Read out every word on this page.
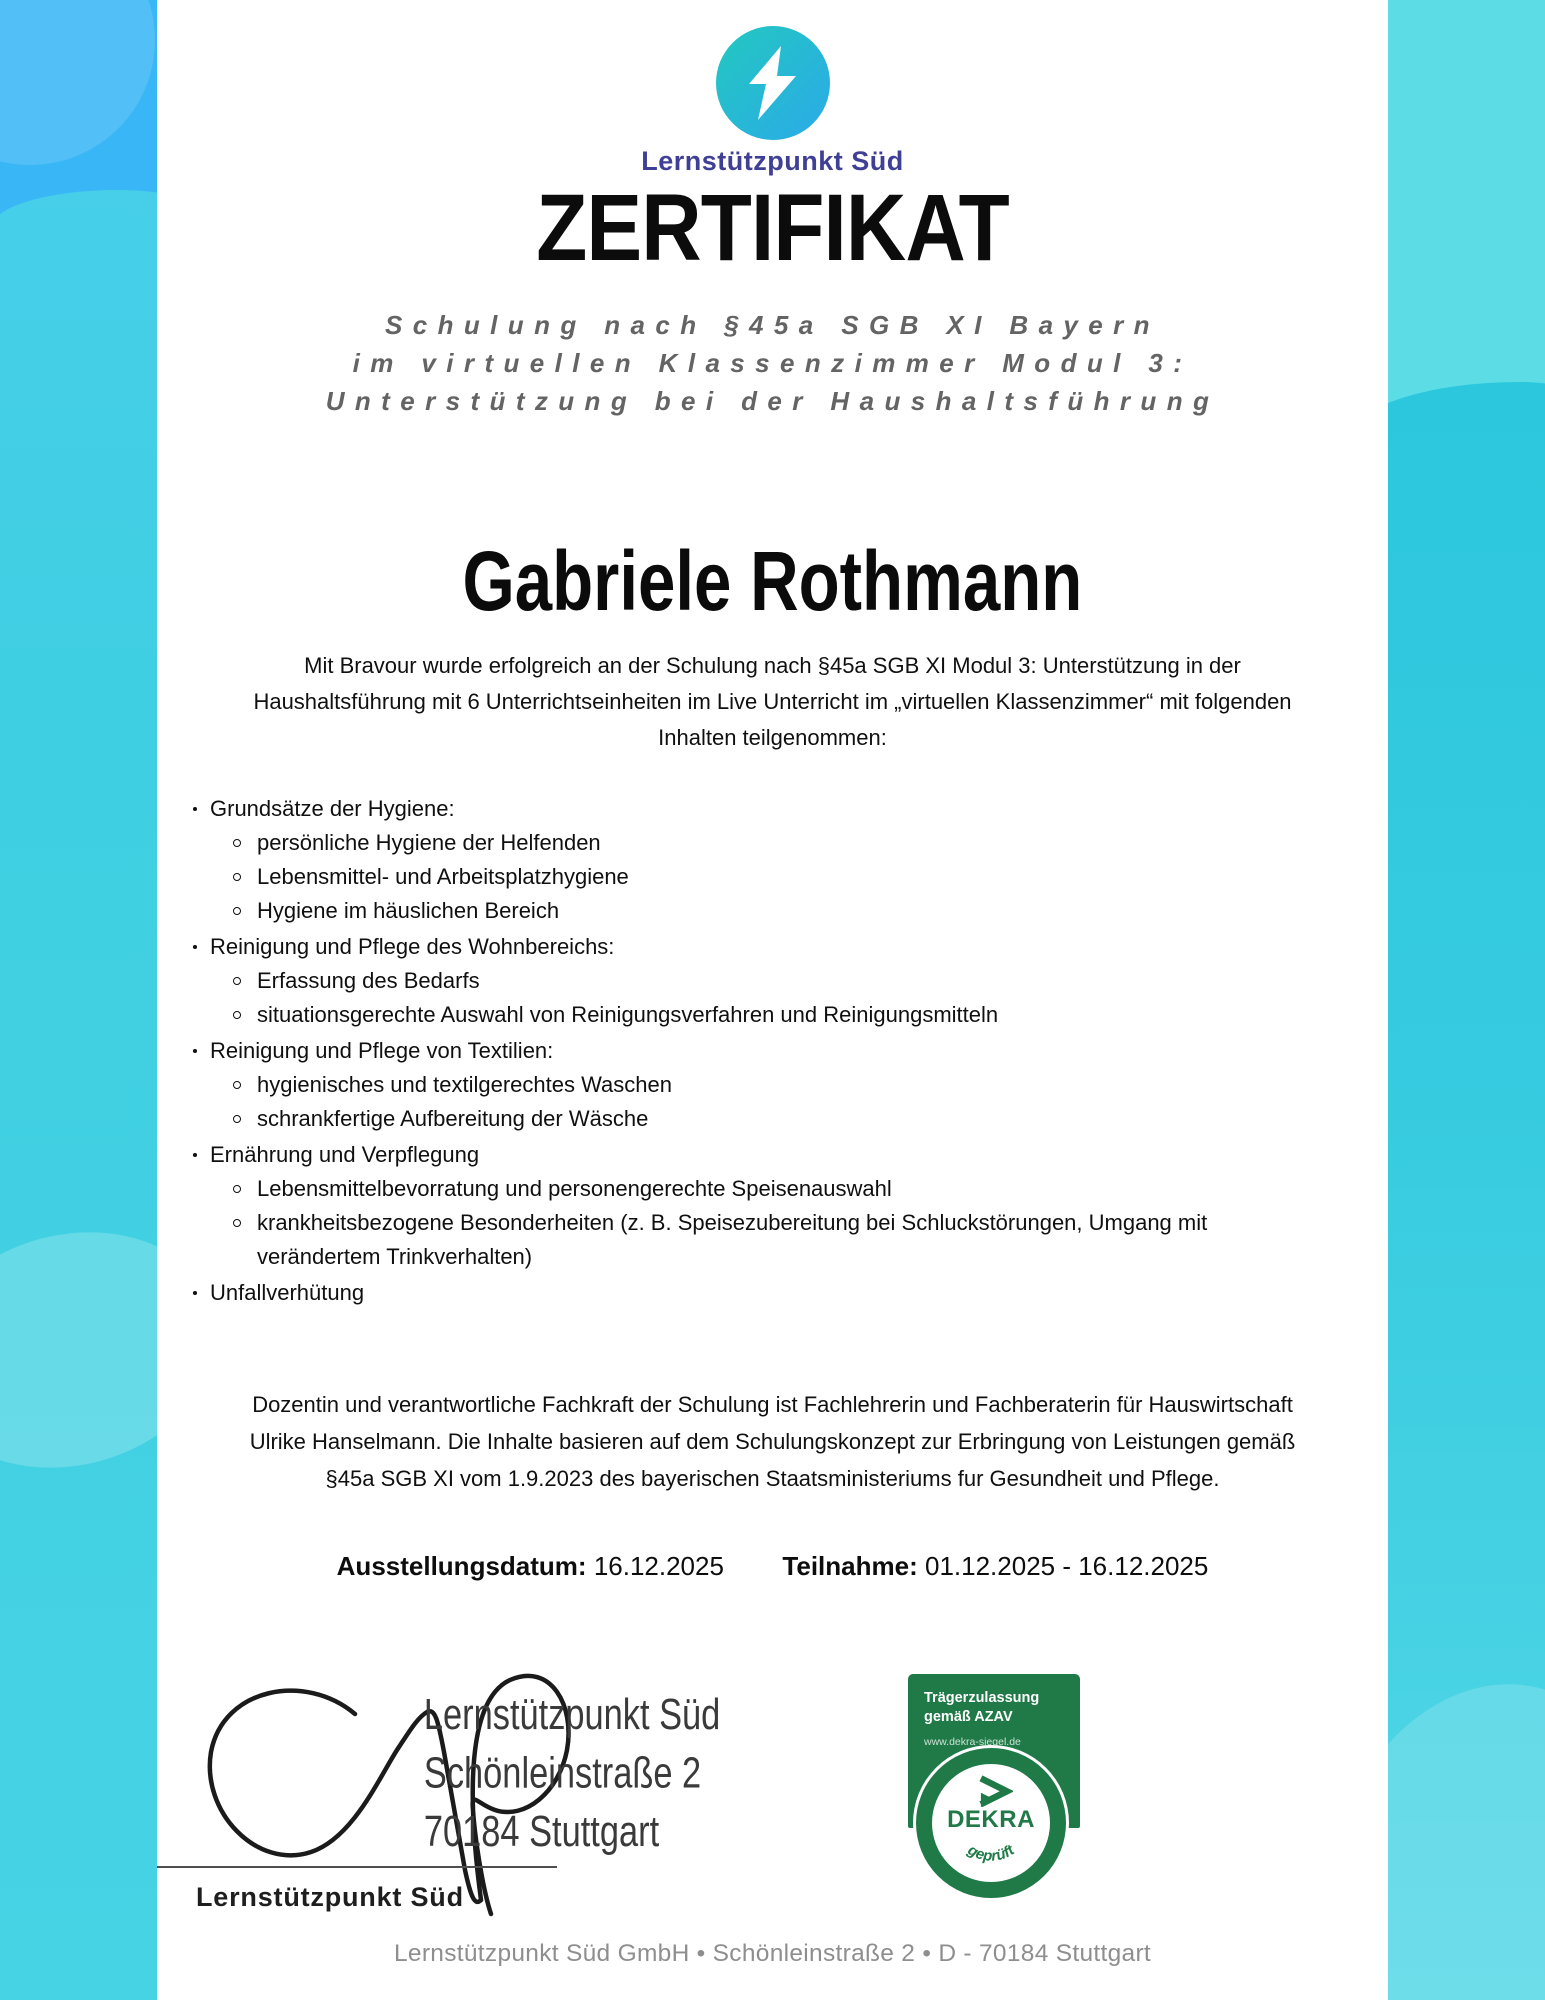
Lernstützpunkt Süd
ZERTIFIKAT
Schulung nach §45a SGB XI Bayern
im virtuellen Klassenzimmer Modul 3:
Unterstützung bei der Haushaltsführung
Gabriele Rothmann

Mit Bravour wurde erfolgreich an der Schulung nach §45a SGB XI Modul 3: Unterstützung in der Haushaltsführung mit 6 Unterrichtseinheiten im Live Unterricht im „virtuellen Klassenzimmer“ mit folgenden Inhalten teilgenommen:

Grundsätze der Hygiene:
persönliche Hygiene der Helfenden
Lebensmittel- und Arbeitsplatzhygiene
Hygiene im häuslichen Bereich
Reinigung und Pflege des Wohnbereichs:
Erfassung des Bedarfs
situationsgerechte Auswahl von Reinigungsverfahren und Reinigungsmitteln
Reinigung und Pflege von Textilien:
hygienisches und textilgerechtes Waschen
schrankfertige Aufbereitung der Wäsche
Ernährung und Verpflegung
Lebensmittelbevorratung und personengerechte Speisenauswahl
krankheitsbezogene Besonderheiten (z. B. Speisezubereitung bei Schluckstörungen, Umgang mit verändertem Trinkverhalten)
Unfallverhütung

Dozentin und verantwortliche Fachkraft der Schulung ist Fachlehrerin und Fachberaterin für Hauswirtschaft Ulrike Hanselmann. Die Inhalte basieren auf dem Schulungskonzept zur Erbringung von Leistungen gemäß §45a SGB XI vom 1.9.2023 des bayerischen Staatsministeriums fur Gesundheit und Pflege.

Ausstellungsdatum: 16.12.2025 Teilnahme: 01.12.2025 - 16.12.2025
Lernstützpunkt Süd
Schönleinstraße 2
70184 Stuttgart
Lernstützpunkt Süd
Trägerzulassung
gemäß AZAV
www.dekra-siegel.de
DEKRA
geprüft
Lernstützpunkt Süd GmbH • Schönleinstraße 2 • D - 70184 Stuttgart
